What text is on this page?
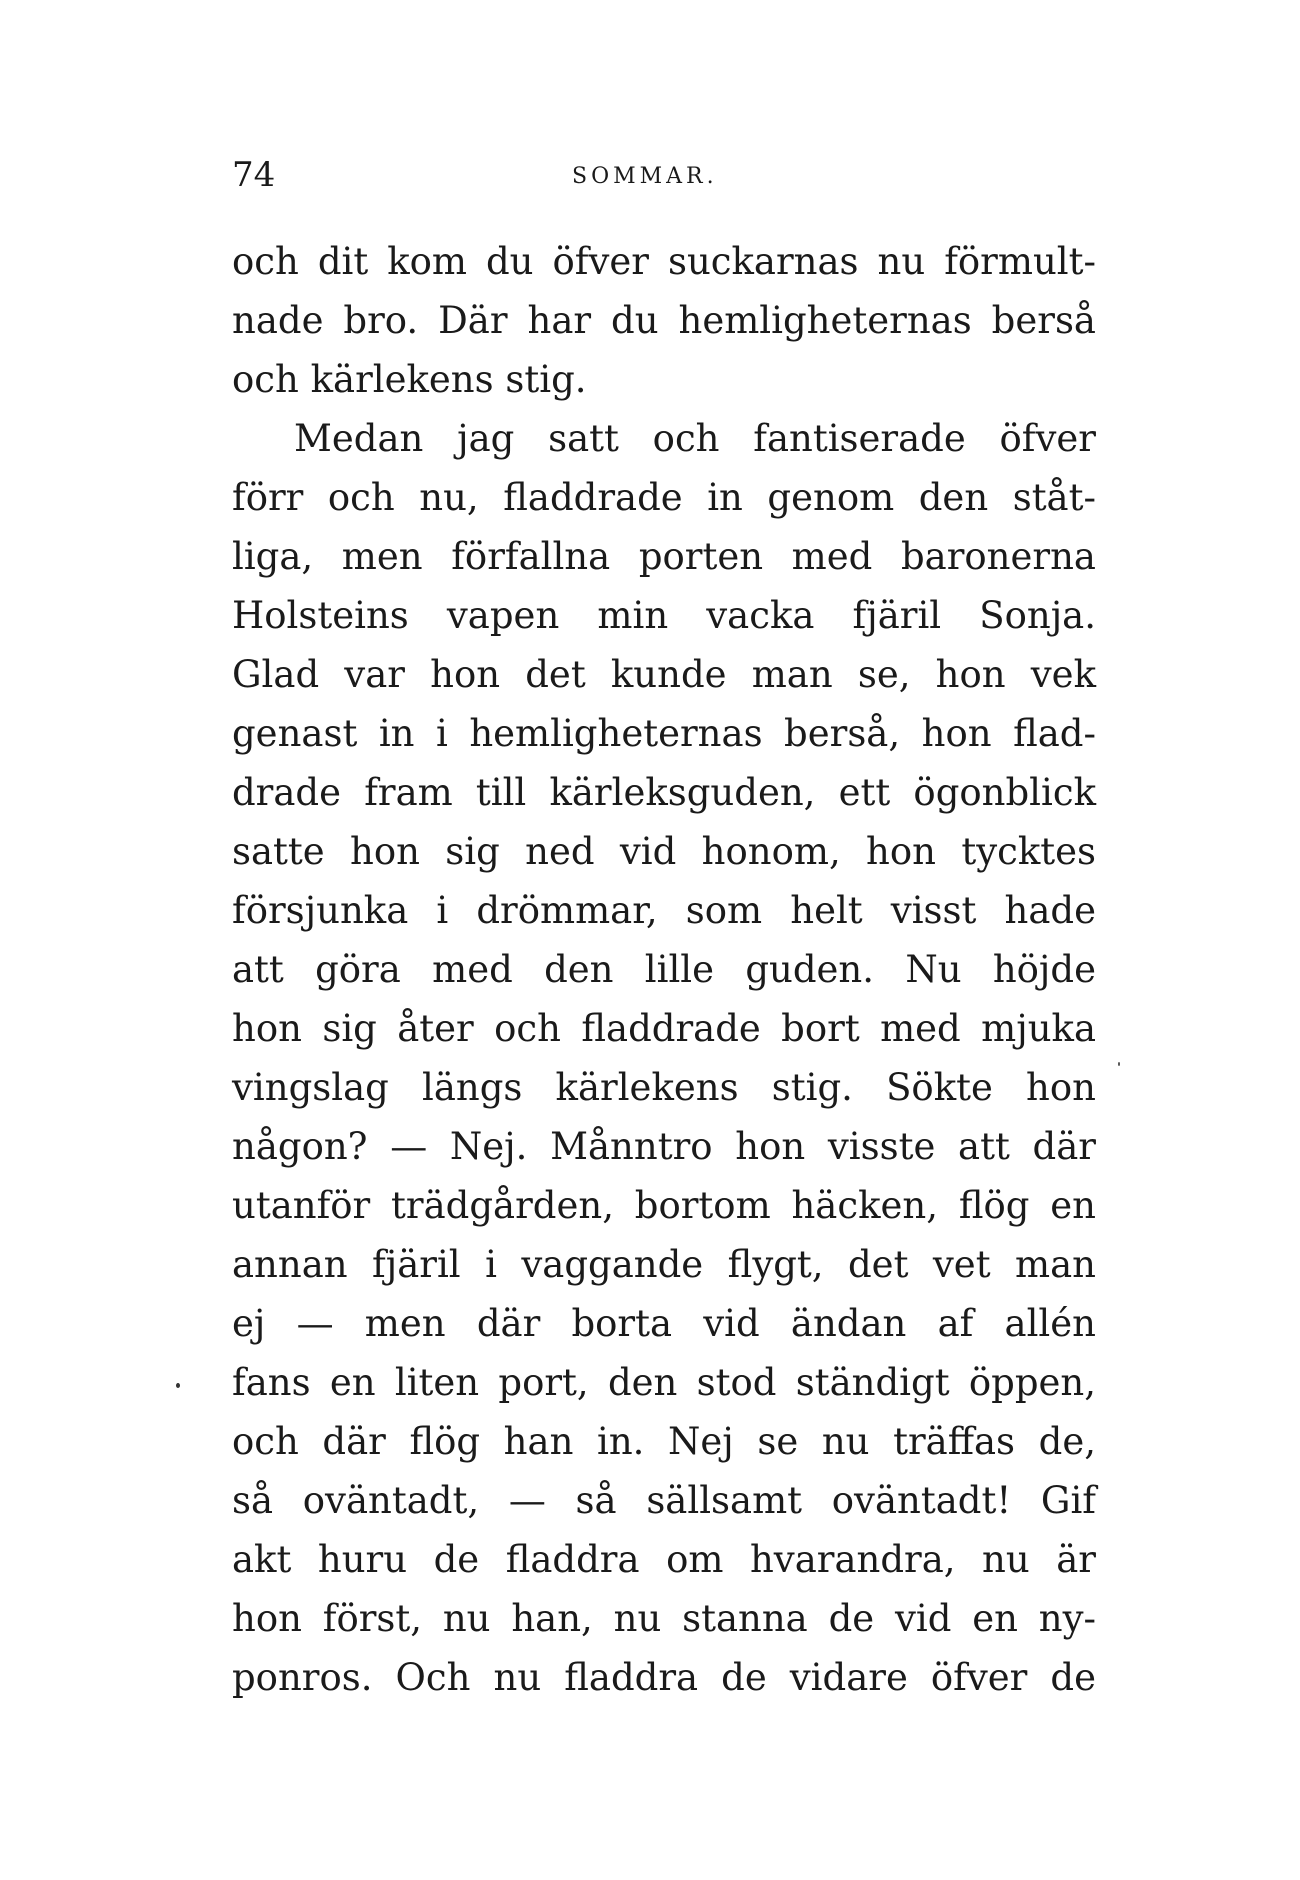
74	SOMMAR.
och dit kom du öfver suckarnas nu förmult-
nade bro. Där har du hemligheternas berså
och kärlekens stig.
Medan jag satt och fantiserade öfver
förr och nu, fladdrade in genom den ståt-
liga, men förfallna porten med baronerna
Holsteins vapen min vacka fjäril Sonja.
Glad var hon det kunde man se, hon vek
genast in i hemligheternas berså, hon flad-
drade fram till kärleksguden, ett ögonblick
satte hon sig ned vid honom, hon tycktes
försjunka i drömmar, som helt visst hade
att göra med den lille guden. Nu höjde
hon sig åter och fladdrade bort med mjuka
vingslag längs kärlekens stig. Sökte hon
någon? — Nej. Månntro hon visste att där
utanför trädgården, bortom häcken, flög en
annan fjäril i vaggande flygt, det vet man
ej — men där borta vid ändan af allén
fans en liten port, den stod ständigt öppen,
och där flög han in. Nej se nu träffas de,
så oväntadt, — så sällsamt oväntadt! Gif
akt huru de fladdra om hvarandra, nu är
hon först, nu han, nu stanna de vid en ny-
ponros. Och nu fladdra de vidare öfver de
